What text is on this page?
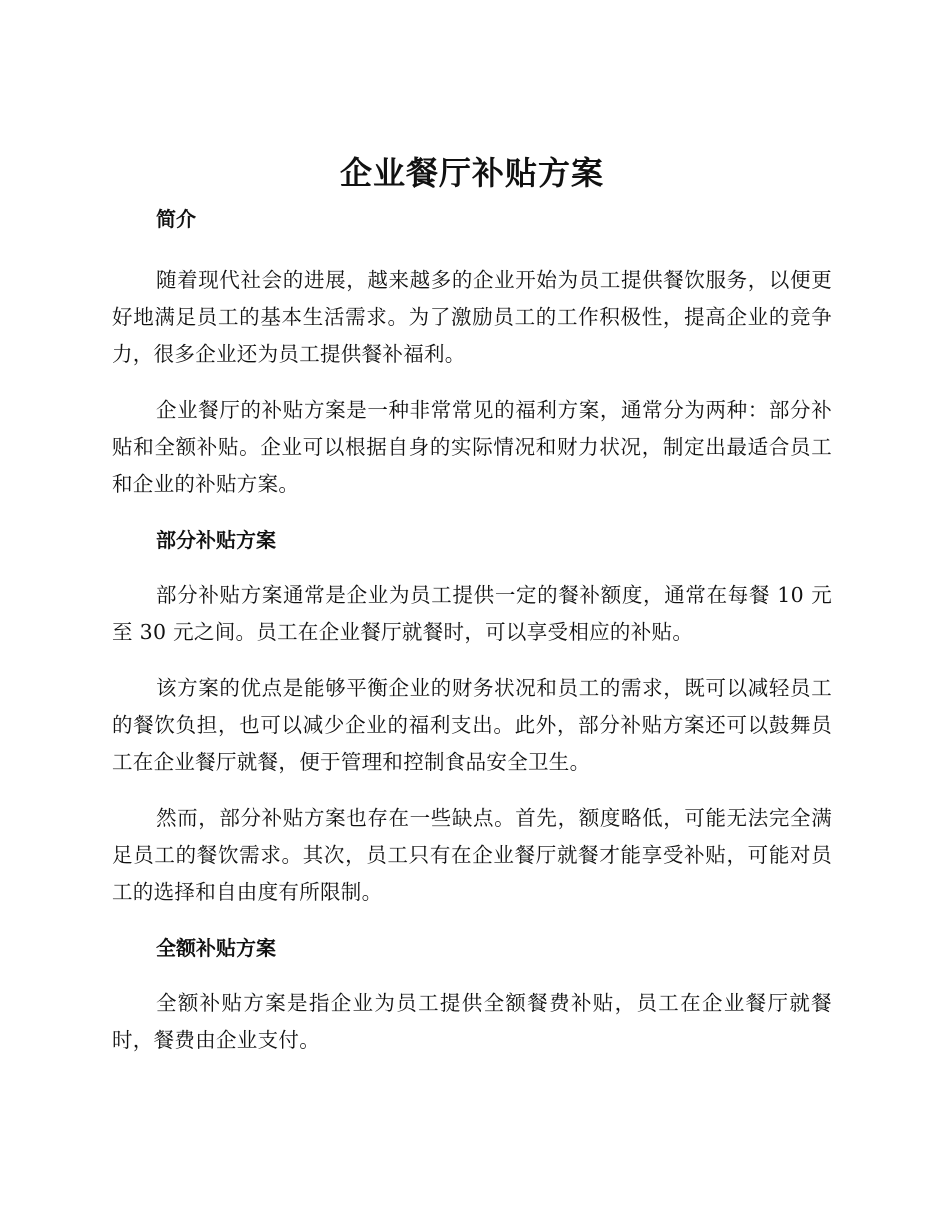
企业餐厅补贴方案
简介

随着现代社会的进展，越来越多的企业开始为员工提供餐饮服务，以便更好地满足员工的基本生活需求。为了激励员工的工作积极性，提高企业的竞争力，很多企业还为员工提供餐补福利。

企业餐厅的补贴方案是一种非常常见的福利方案，通常分为两种：部分补贴和全额补贴。企业可以根据自身的实际情况和财力状况，制定出最适合员工和企业的补贴方案。

部分补贴方案

部分补贴方案通常是企业为员工提供一定的餐补额度，通常在每餐 10 元至 30 元之间。员工在企业餐厅就餐时，可以享受相应的补贴。

该方案的优点是能够平衡企业的财务状况和员工的需求，既可以减轻员工的餐饮负担，也可以减少企业的福利支出。此外，部分补贴方案还可以鼓舞员工在企业餐厅就餐，便于管理和控制食品安全卫生。

然而，部分补贴方案也存在一些缺点。首先，额度略低，可能无法完全满足员工的餐饮需求。其次，员工只有在企业餐厅就餐才能享受补贴，可能对员工的选择和自由度有所限制。

全额补贴方案

全额补贴方案是指企业为员工提供全额餐费补贴，员工在企业餐厅就餐时，餐费由企业支付。
